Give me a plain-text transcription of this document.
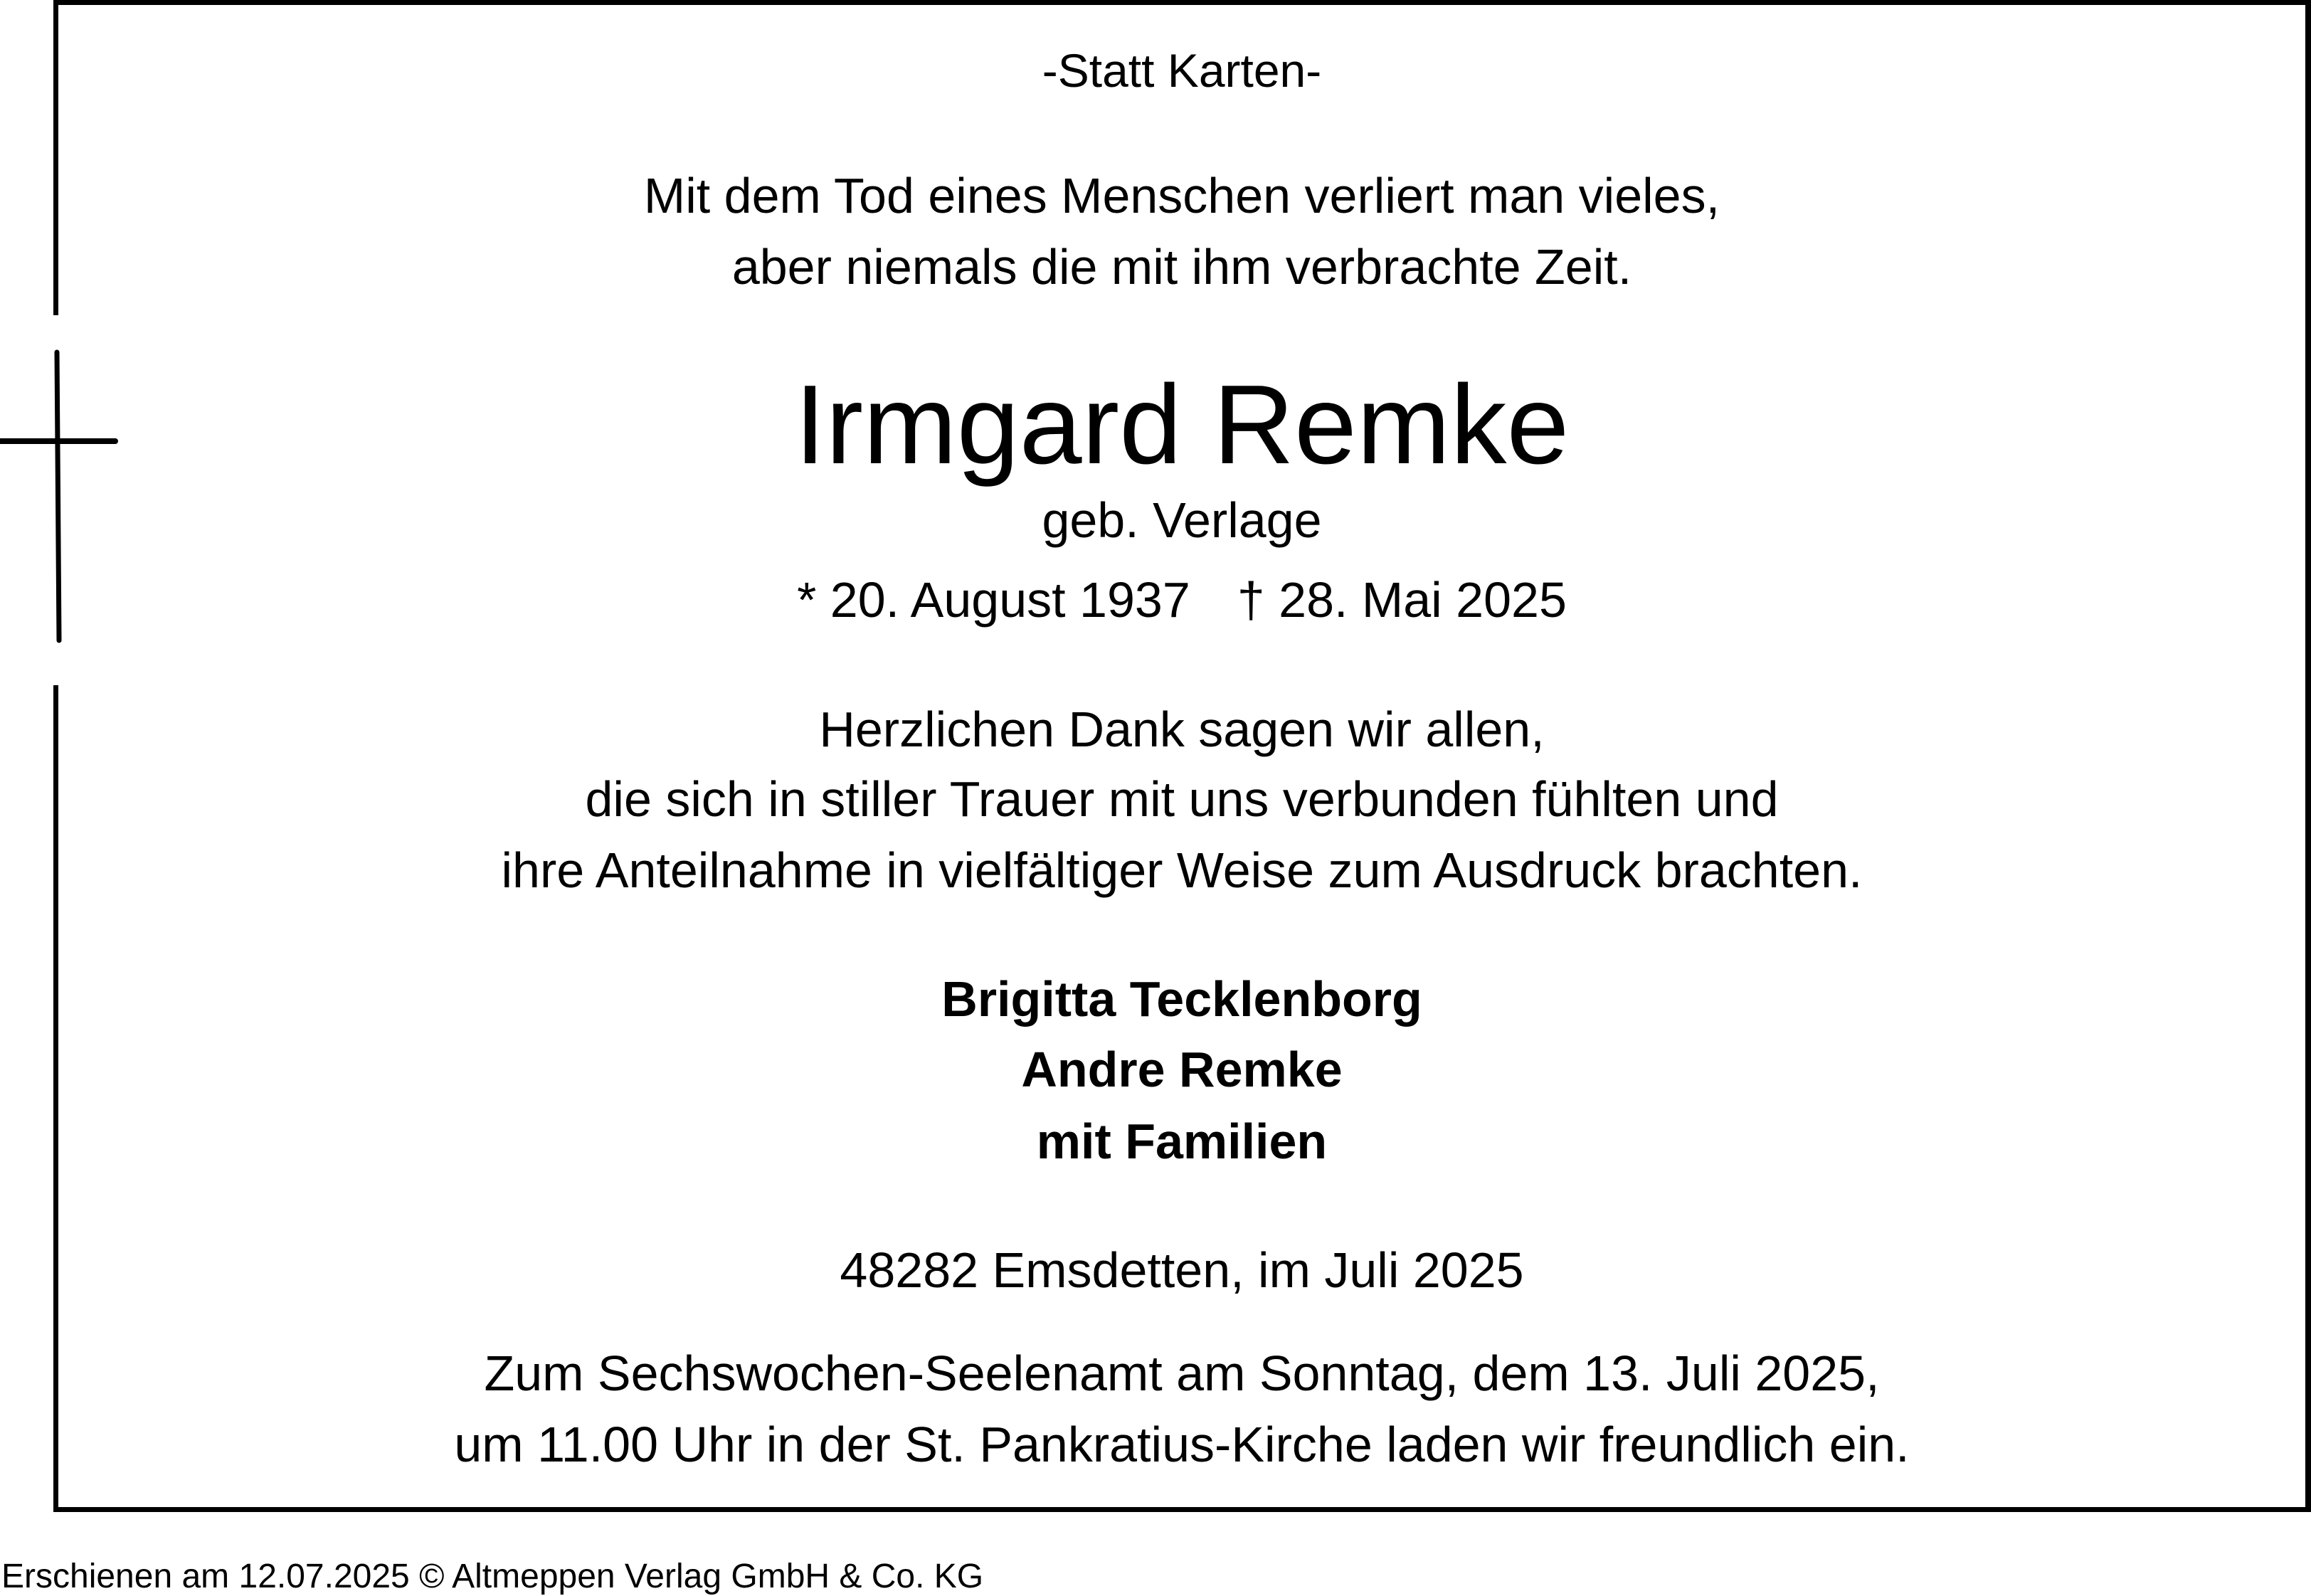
-Statt Karten-
Mit dem Tod eines Menschen verliert man vieles,
aber niemals die mit ihm verbrachte Zeit.
Irmgard Remke
geb. Verlage
* 20. August 1937 † 28. Mai 2025
Herzlichen Dank sagen wir allen,
die sich in stiller Trauer mit uns verbunden fühlten und
ihre Anteilnahme in vielfältiger Weise zum Ausdruck brachten.
Brigitta Tecklenborg
Andre Remke
mit Familien
48282 Emsdetten, im Juli 2025
Zum Sechswochen-Seelenamt am Sonntag, dem 13. Juli 2025,
um 11.00 Uhr in der St. Pankratius-Kirche laden wir freundlich ein.
Erschienen am 12.07.2025 © Altmeppen Verlag GmbH & Co. KG
